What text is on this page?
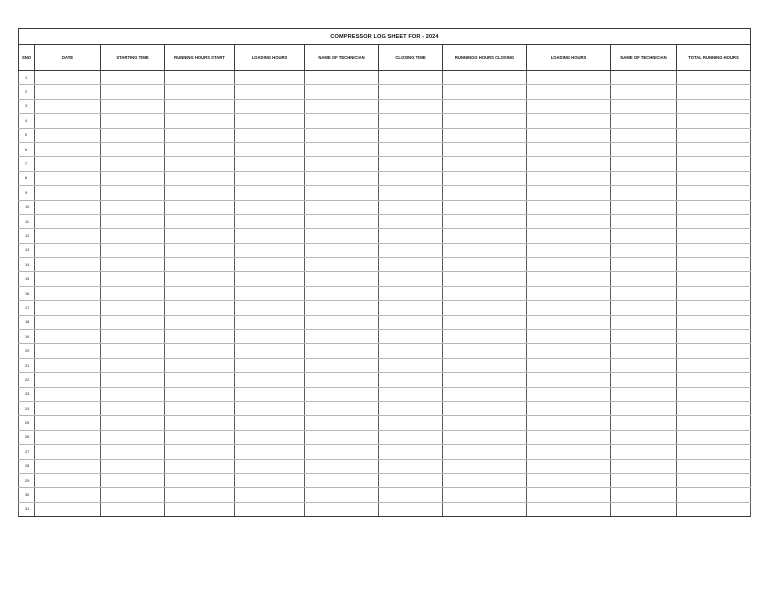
COMPRESSOR LOG SHEET FOR - 2024										
SNO	DATE	STARTING TIME	RUNNING HOURS START	LOADING HOURS	NAME OF TECHNICIAN	CLOSING TIME	RUNNINGG HOURS CLOSING	LOADING HOURS	NAME OF TECHNICIAN	TOTAL RUNNING HOURS
1										
2										
3										
4										
5										
6										
7										
8										
9										
10										
11										
12										
13										
14										
15										
16										
17										
18										
19										
20										
21										
22										
23										
24										
25										
26										
27										
28										
29										
30										
31										
